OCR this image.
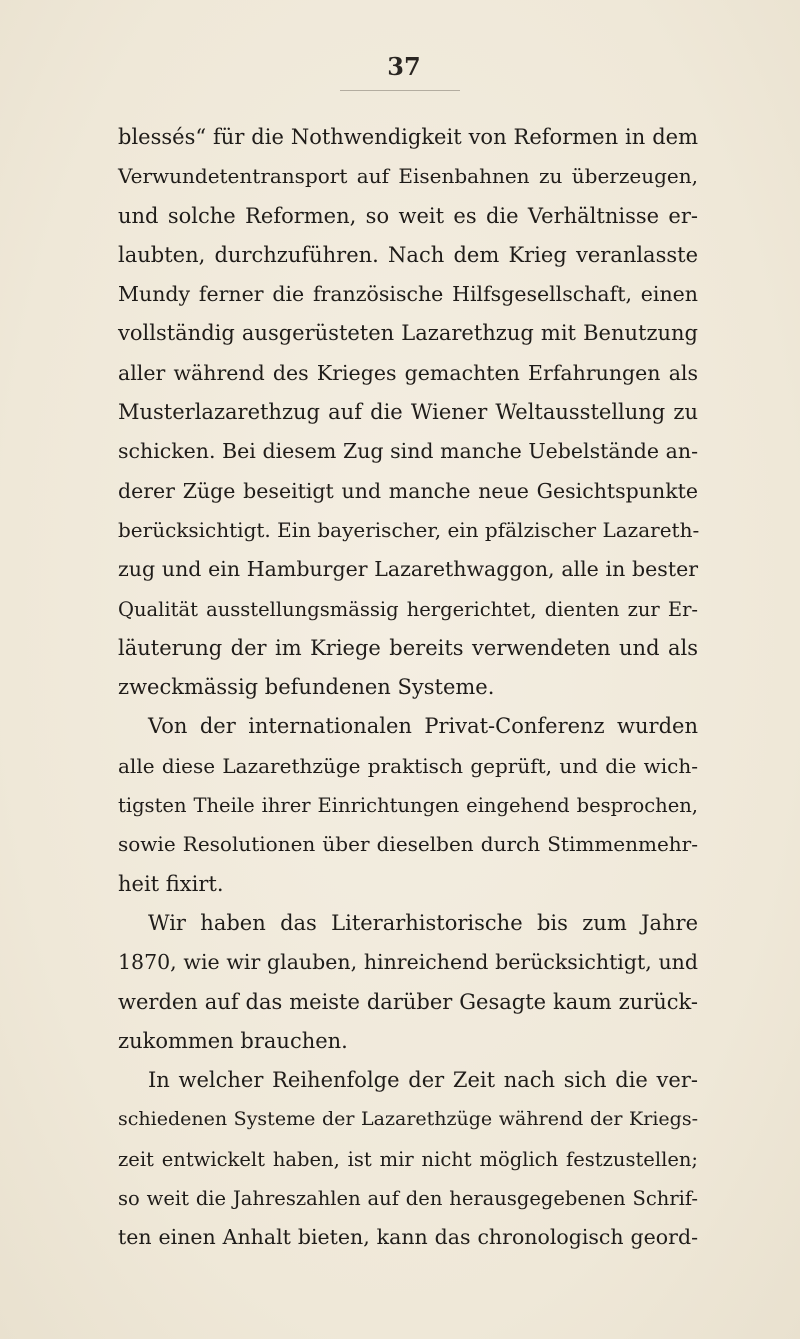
37
blessés“ für die Nothwendigkeit von Reformen in dem
Verwundetentransport auf Eisenbahnen zu überzeugen,
und solche Reformen, so weit es die Verhältnisse er-
laubten, durchzuführen. Nach dem Krieg veranlasste
Mundy ferner die französische Hilfsgesellschaft, einen
vollständig ausgerüsteten Lazarethzug mit Benutzung
aller während des Krieges gemachten Erfahrungen als
Musterlazarethzug auf die Wiener Weltausstellung zu
schicken. Bei diesem Zug sind manche Uebelstände an-
derer Züge beseitigt und manche neue Gesichtspunkte
berücksichtigt. Ein bayerischer, ein pfälzischer Lazareth-
zug und ein Hamburger Lazarethwaggon, alle in bester
Qualität ausstellungsmässig hergerichtet, dienten zur Er-
läuterung der im Kriege bereits verwendeten und als
zweckmässig befundenen Systeme.
Von der internationalen Privat-Conferenz wurden
alle diese Lazarethzüge praktisch geprüft, und die wich-
tigsten Theile ihrer Einrichtungen eingehend besprochen,
sowie Resolutionen über dieselben durch Stimmenmehr-
heit fixirt.
Wir haben das Literarhistorische bis zum Jahre
1870, wie wir glauben, hinreichend berücksichtigt, und
werden auf das meiste darüber Gesagte kaum zurück-
zukommen brauchen.
In welcher Reihenfolge der Zeit nach sich die ver-
schiedenen Systeme der Lazarethzüge während der Kriegs-
zeit entwickelt haben, ist mir nicht möglich festzustellen;
so weit die Jahreszahlen auf den herausgegebenen Schrif-
ten einen Anhalt bieten, kann das chronologisch geord-
